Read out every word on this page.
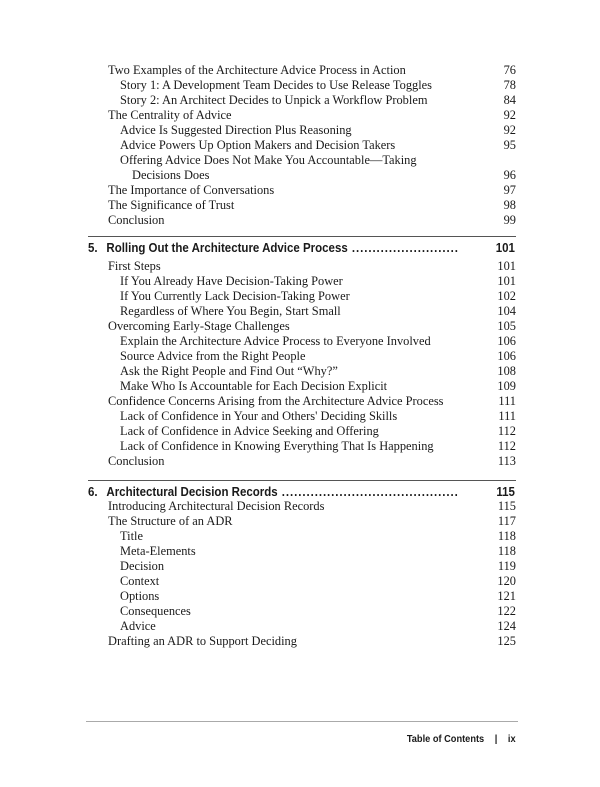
Two Examples of the Architecture Advice Process in Action	76
Story 1: A Development Team Decides to Use Release Toggles	78
Story 2: An Architect Decides to Unpick a Workflow Problem	84
The Centrality of Advice	92
Advice Is Suggested Direction Plus Reasoning	92
Advice Powers Up Option Makers and Decision Takers	95
Offering Advice Does Not Make You Accountable—Taking
Decisions Does	96
The Importance of Conversations	97
The Significance of Trust	98
Conclusion	99
5. Rolling Out the Architecture Advice Process .....	101
First Steps	101
If You Already Have Decision-Taking Power	101
If You Currently Lack Decision-Taking Power	102
Regardless of Where You Begin, Start Small	104
Overcoming Early-Stage Challenges	105
Explain the Architecture Advice Process to Everyone Involved	106
Source Advice from the Right People	106
Ask the Right People and Find Out “Why?”	108
Make Who Is Accountable for Each Decision Explicit	109
Confidence Concerns Arising from the Architecture Advice Process	111
Lack of Confidence in Your and Others' Deciding Skills	111
Lack of Confidence in Advice Seeking and Offering	112
Lack of Confidence in Knowing Everything That Is Happening	112
Conclusion	113
6. Architectural Decision Records .....	115
Introducing Architectural Decision Records	115
The Structure of an ADR	117
Title	118
Meta-Elements	118
Decision	119
Context	120
Options	121
Consequences	122
Advice	124
Drafting an ADR to Support Deciding	125
Table of Contents | ix
